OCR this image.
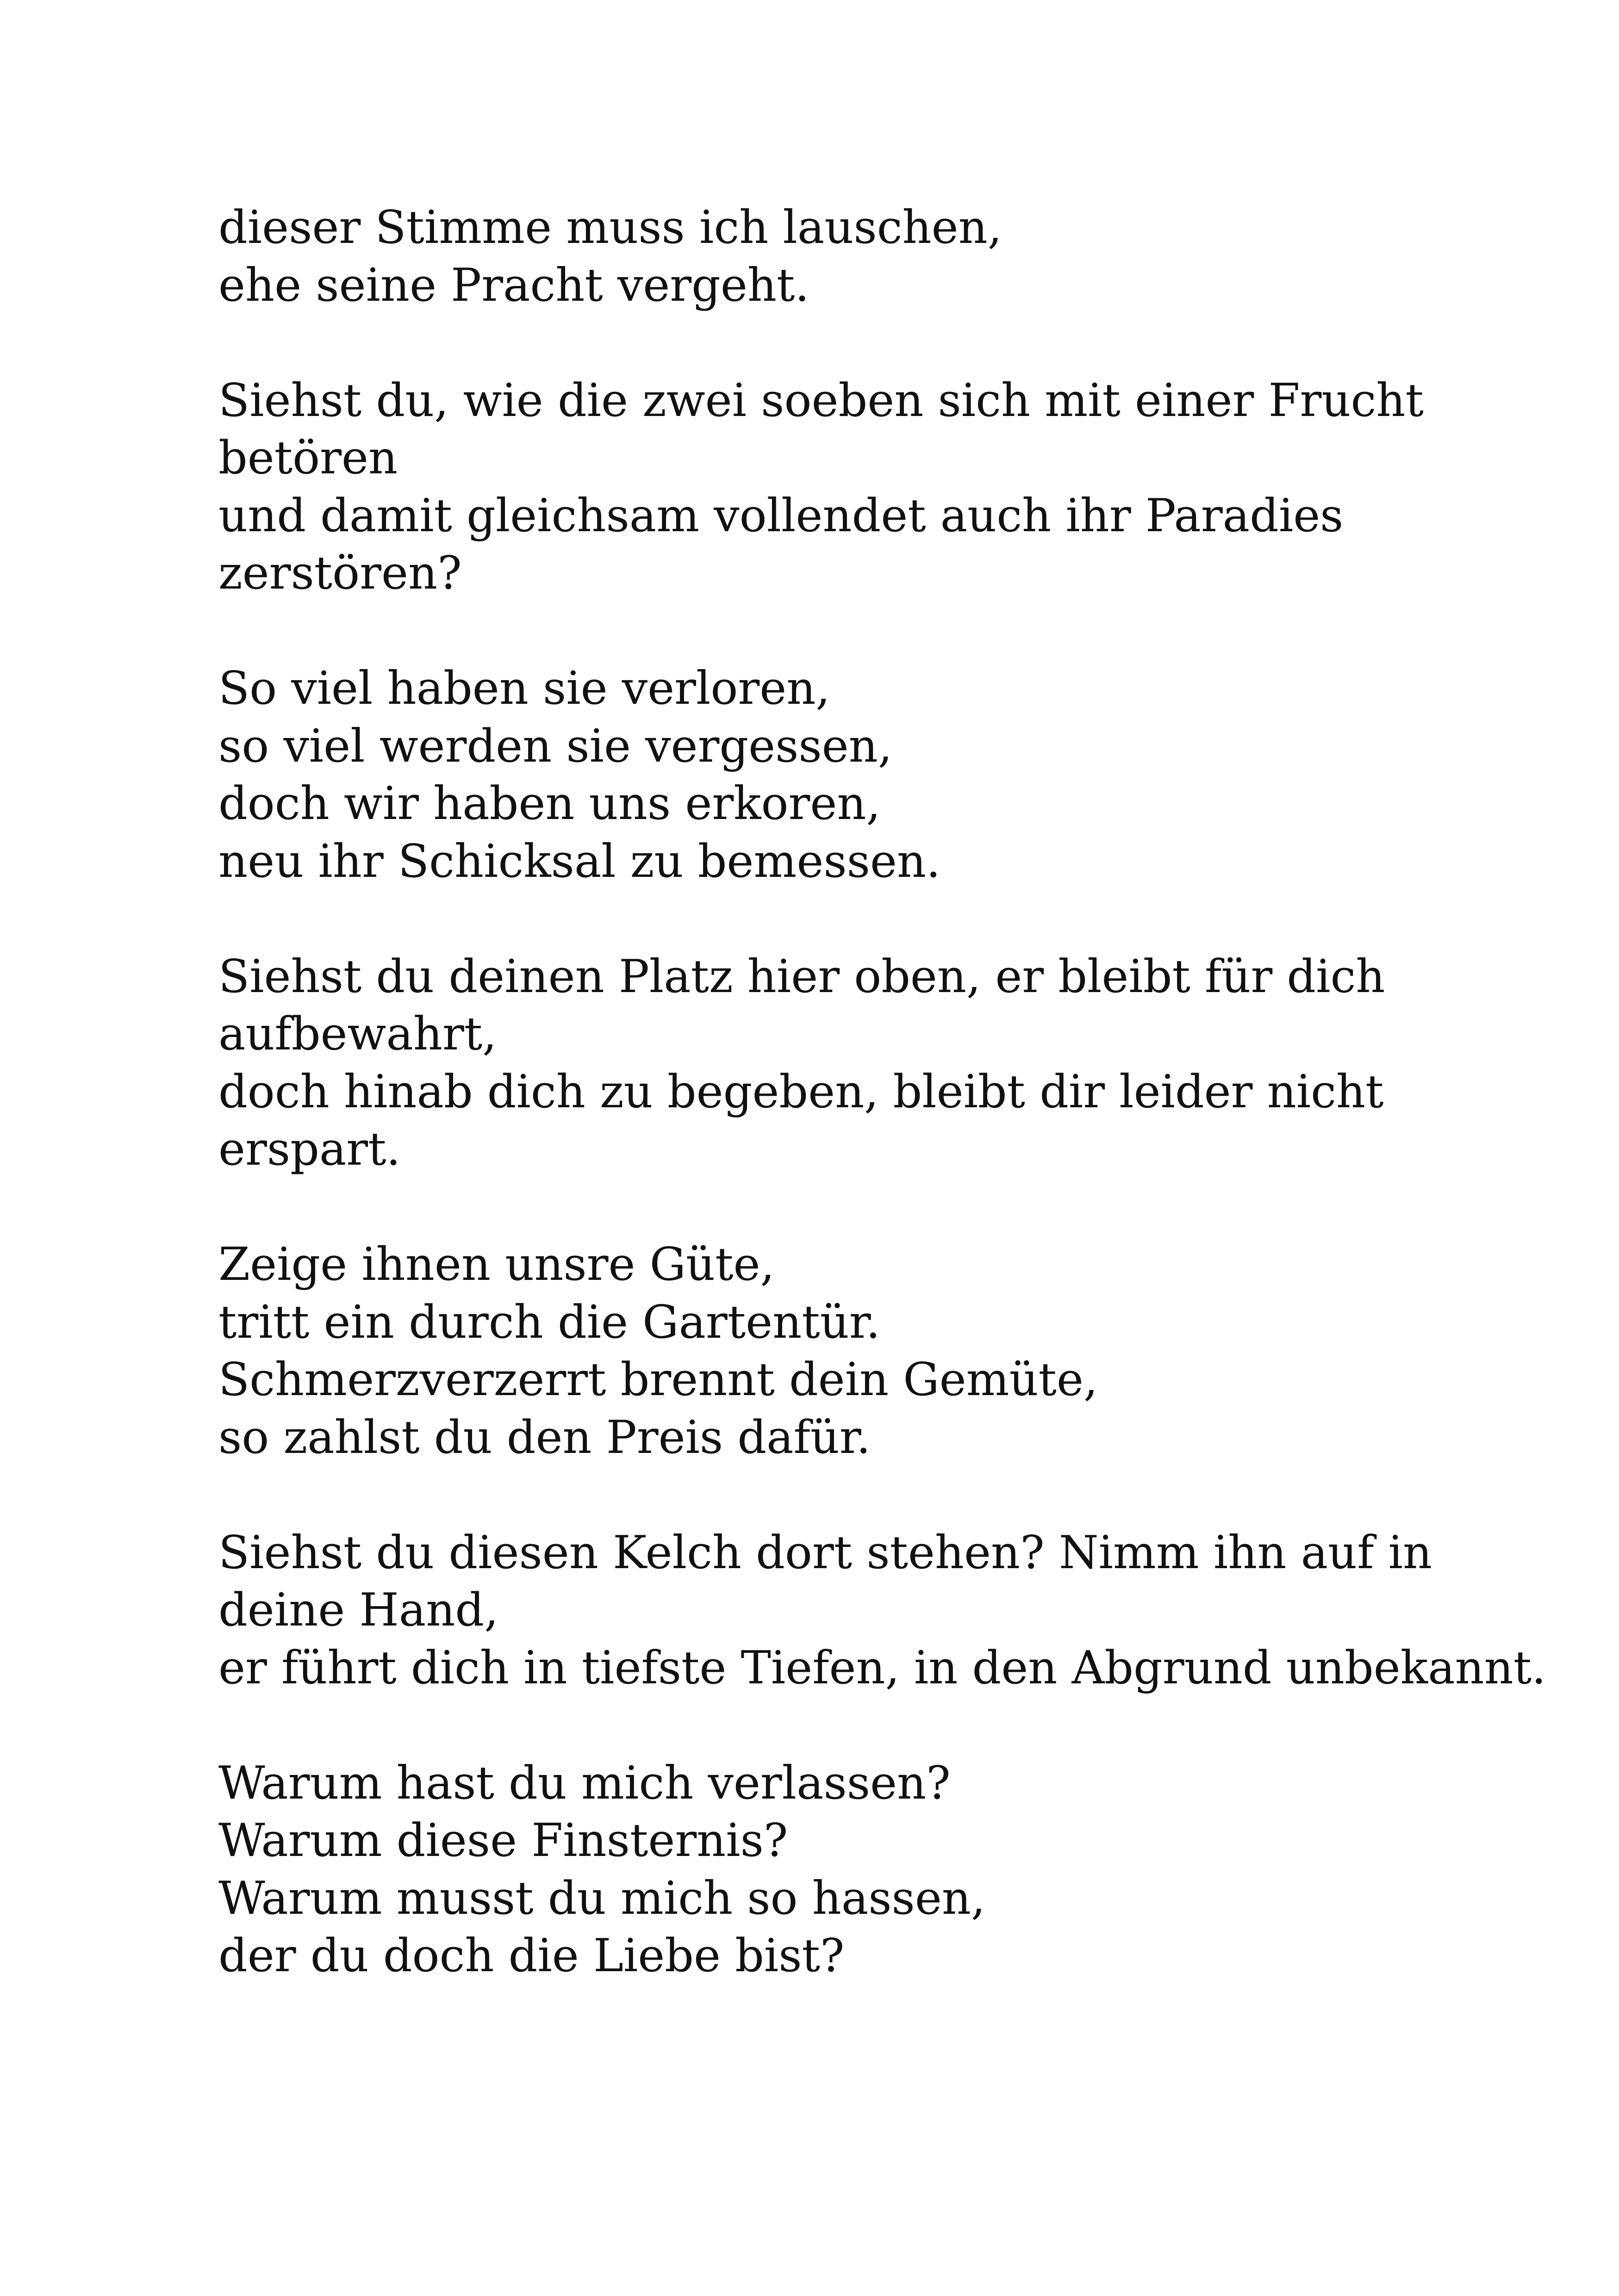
dieser Stimme muss ich lauschen,
ehe seine Pracht vergeht.
Siehst du, wie die zwei soeben sich mit einer Frucht
betören
und damit gleichsam vollendet auch ihr Paradies
zerstören?
So viel haben sie verloren,
so viel werden sie vergessen,
doch wir haben uns erkoren,
neu ihr Schicksal zu bemessen.
Siehst du deinen Platz hier oben, er bleibt für dich
aufbewahrt,
doch hinab dich zu begeben, bleibt dir leider nicht
erspart.
Zeige ihnen unsre Güte,
tritt ein durch die Gartentür.
Schmerzverzerrt brennt dein Gemüte,
so zahlst du den Preis dafür.
Siehst du diesen Kelch dort stehen? Nimm ihn auf in
deine Hand,
er führt dich in tiefste Tiefen, in den Abgrund unbekannt.
Warum hast du mich verlassen?
Warum diese Finsternis?
Warum musst du mich so hassen,
der du doch die Liebe bist?
